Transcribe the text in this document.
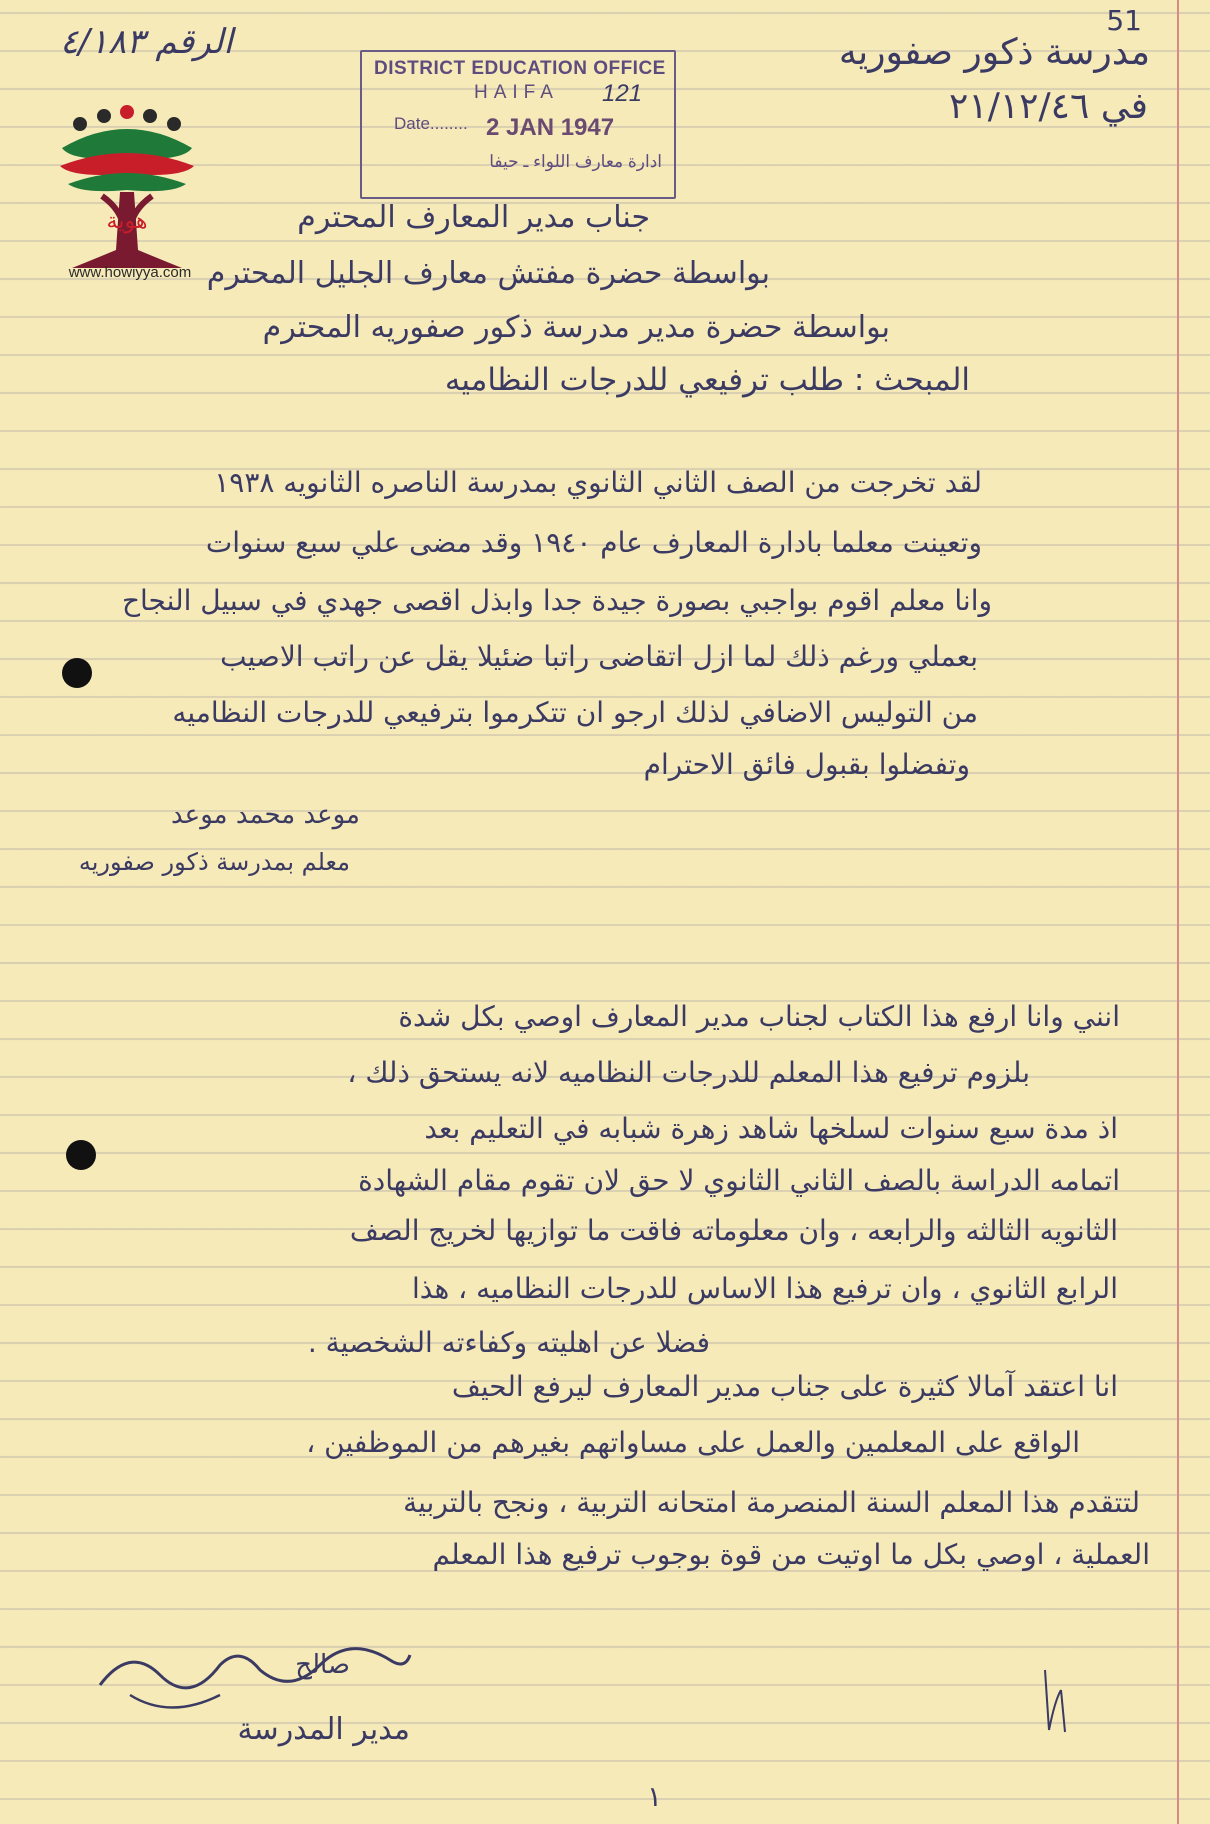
الرقم ٤/١٨٣
51
مدرسة ذكور صفوريه
في ٢١/١٢/٤٦
DISTRICT EDUCATION OFFICE
HAIFA 121
Date........ 2 JAN 1947
ادارة معارف اللواء ـ حيفا
هوية
www.howiyya.com
جناب مدير المعارف المحترم
بواسطة حضرة مفتش معارف الجليل المحترم
بواسطة حضرة مدير مدرسة ذكور صفوريه المحترم
المبحث : طلب ترفيعي للدرجات النظاميه
لقد تخرجت من الصف الثاني الثانوي بمدرسة الناصره الثانويه ١٩٣٨
وتعينت معلما بادارة المعارف عام ١٩٤٠ وقد مضى علي سبع سنوات
وانا معلم اقوم بواجبي بصورة جيدة جدا وابذل اقصى جهدي في سبيل النجاح
بعملي ورغم ذلك لما ازل اتقاضى راتبا ضئيلا يقل عن راتب الاصيب
من التوليس الاضافي لذلك ارجو ان تتكرموا بترفيعي للدرجات النظاميه
وتفضلوا بقبول فائق الاحترام
موعد محمد موعد
معلم بمدرسة ذكور صفوريه
انني وانا ارفع هذا الكتاب لجناب مدير المعارف اوصي بكل شدة
بلزوم ترفيع هذا المعلم للدرجات النظاميه لانه يستحق ذلك ،
اذ مدة سبع سنوات لسلخها شاهد زهرة شبابه في التعليم بعد
اتمامه الدراسة بالصف الثاني الثانوي لا حق لان تقوم مقام الشهادة
الثانويه الثالثه والرابعه ، وان معلوماته فاقت ما توازيها لخريج الصف
الرابع الثانوي ، وان ترفيع هذا الاساس للدرجات النظاميه ، هذا
فضلا عن اهليته وكفاءته الشخصية .
انا اعتقد آمالا كثيرة على جناب مدير المعارف ليرفع الحيف
الواقع على المعلمين والعمل على مساواتهم بغيرهم من الموظفين ،
لتتقدم هذا المعلم السنة المنصرمة امتحانه التربية ، ونجح بالتربية
العملية ، اوصي بكل ما اوتيت من قوة بوجوب ترفيع هذا المعلم
صالح
مدير المدرسة
١
